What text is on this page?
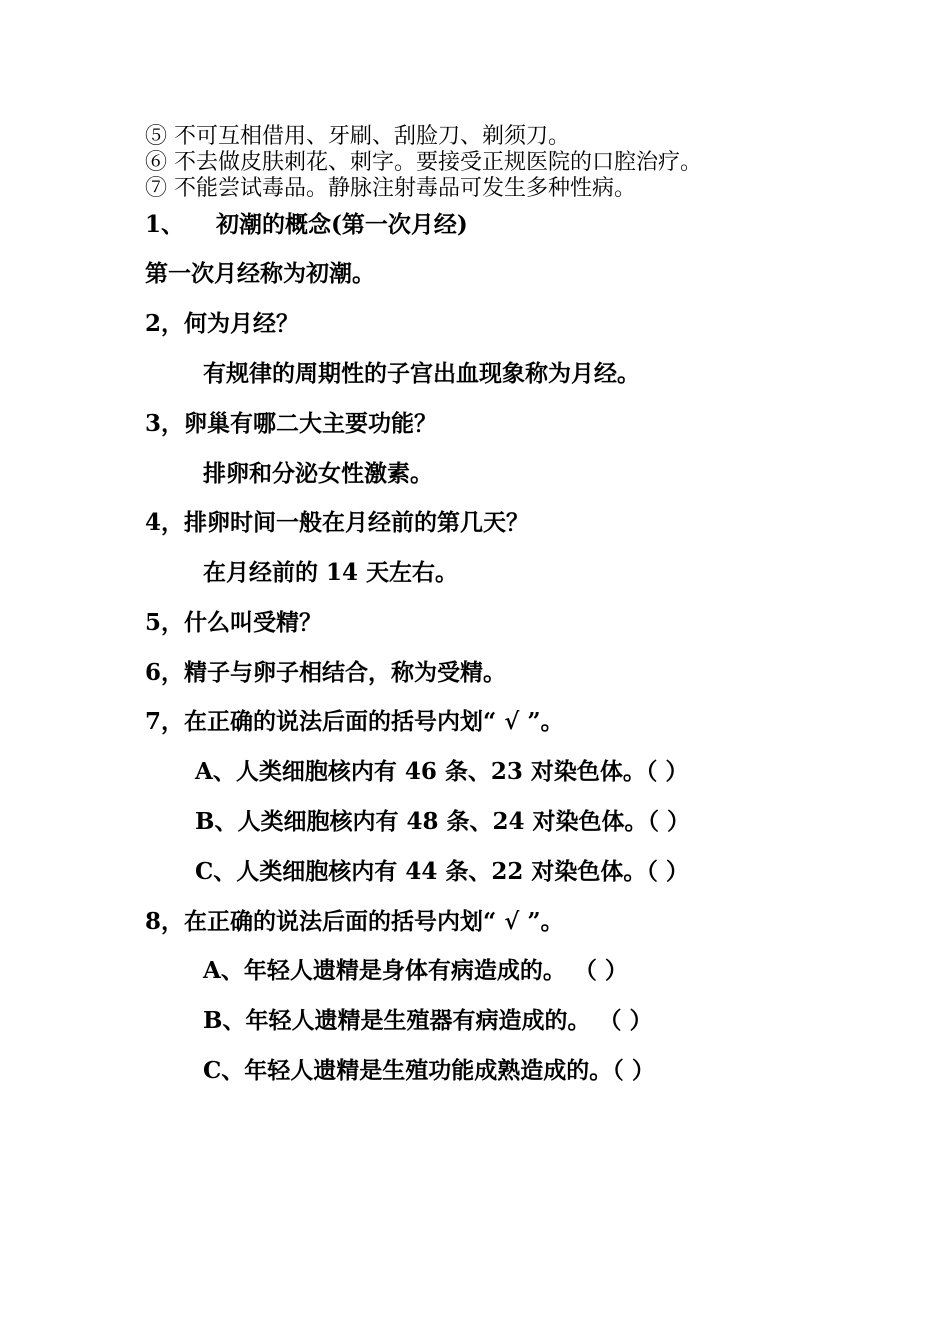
⑤ 不可互相借用、牙刷、刮脸刀、剃须刀。
⑥ 不去做皮肤刺花、刺字。要接受正规医院的口腔治疗。
⑦ 不能尝试毒品。静脉注射毒品可发生多种性病。
1、 初潮的概念(第一次月经)
第一次月经称为初潮。
2，何为月经？
有规律的周期性的子宫出血现象称为月经。
3，卵巢有哪二大主要功能？
排卵和分泌女性激素。
4，排卵时间一般在月经前的第几天？
在月经前的 14 天左右。
5，什么叫受精？
6，精子与卵子相结合，称为受精。
7，在正确的说法后面的括号内划“ √ ”。
A、人类细胞核内有 46 条、23 对染色体。（ ）
B、人类细胞核内有 48 条、24 对染色体。（ ）
C、人类细胞核内有 44 条、22 对染色体。（ ）
8，在正确的说法后面的括号内划“ √ ”。
A、年轻人遗精是身体有病造成的。 （ ）
B、年轻人遗精是生殖器有病造成的。 （ ）
C、年轻人遗精是生殖功能成熟造成的。（ ）
